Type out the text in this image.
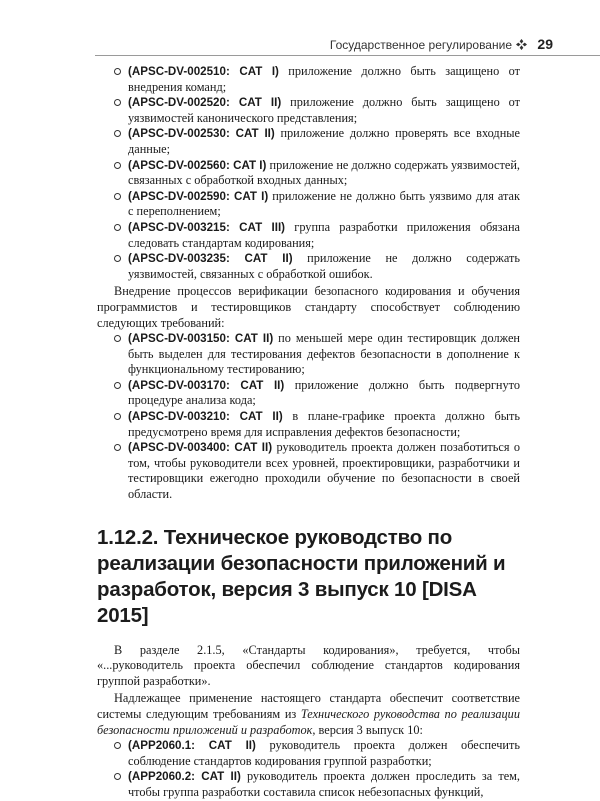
Государственное регулирование 29
(APSC-DV-002510: CAT I) приложение должно быть защищено от внедрения команд;
(APSC-DV-002520: CAT II) приложение должно быть защищено от уязвимостей канонического представления;
(APSC-DV-002530: CAT II) приложение должно проверять все входные данные;
(APSC-DV-002560: CAT I) приложение не должно содержать уязвимостей, связанных с обработкой входных данных;
(APSC-DV-002590: CAT I) приложение не должно быть уязвимо для атак с переполнением;
(APSC-DV-003215: CAT III) группа разработки приложения обязана следовать стандартам кодирования;
(APSC-DV-003235: CAT II) приложение не должно содержать уязвимостей, связанных с обработкой ошибок.

Внедрение процессов верификации безопасного кодирования и обучения программистов и тестировщиков стандарту способствует соблюдению следующих требований:

(APSC-DV-003150: CAT II) по меньшей мере один тестировщик должен быть выделен для тестирования дефектов безопасности в дополнение к функциональному тестированию;
(APSC-DV-003170: CAT II) приложение должно быть подвергнуто процедуре анализа кода;
(APSC-DV-003210: CAT II) в плане-графике проекта должно быть предусмотрено время для исправления дефектов безопасности;
(APSC-DV-003400: CAT II) руководитель проекта должен позаботиться о том, чтобы руководители всех уровней, проектировщики, разработчики и тестировщики ежегодно проходили обучение по безопасности в своей области.
1.12.2. Техническое руководство по реализации безопасности приложений и разработок, версия 3 выпуск 10 [DISA 2015]

В разделе 2.1.5, «Стандарты кодирования», требуется, чтобы «...руководитель проекта обеспечил соблюдение стандартов кодирования группой разработки».

Надлежащее применение настоящего стандарта обеспечит соответствие системы следующим требованиям из Технического руководства по реализации безопасности приложений и разработок, версия 3 выпуск 10:

(APP2060.1: CAT II) руководитель проекта должен обеспечить соблюдение стандартов кодирования группой разработки;
(APP2060.2: CAT II) руководитель проекта должен проследить за тем, чтобы группа разработки составила список небезопасных функций,
